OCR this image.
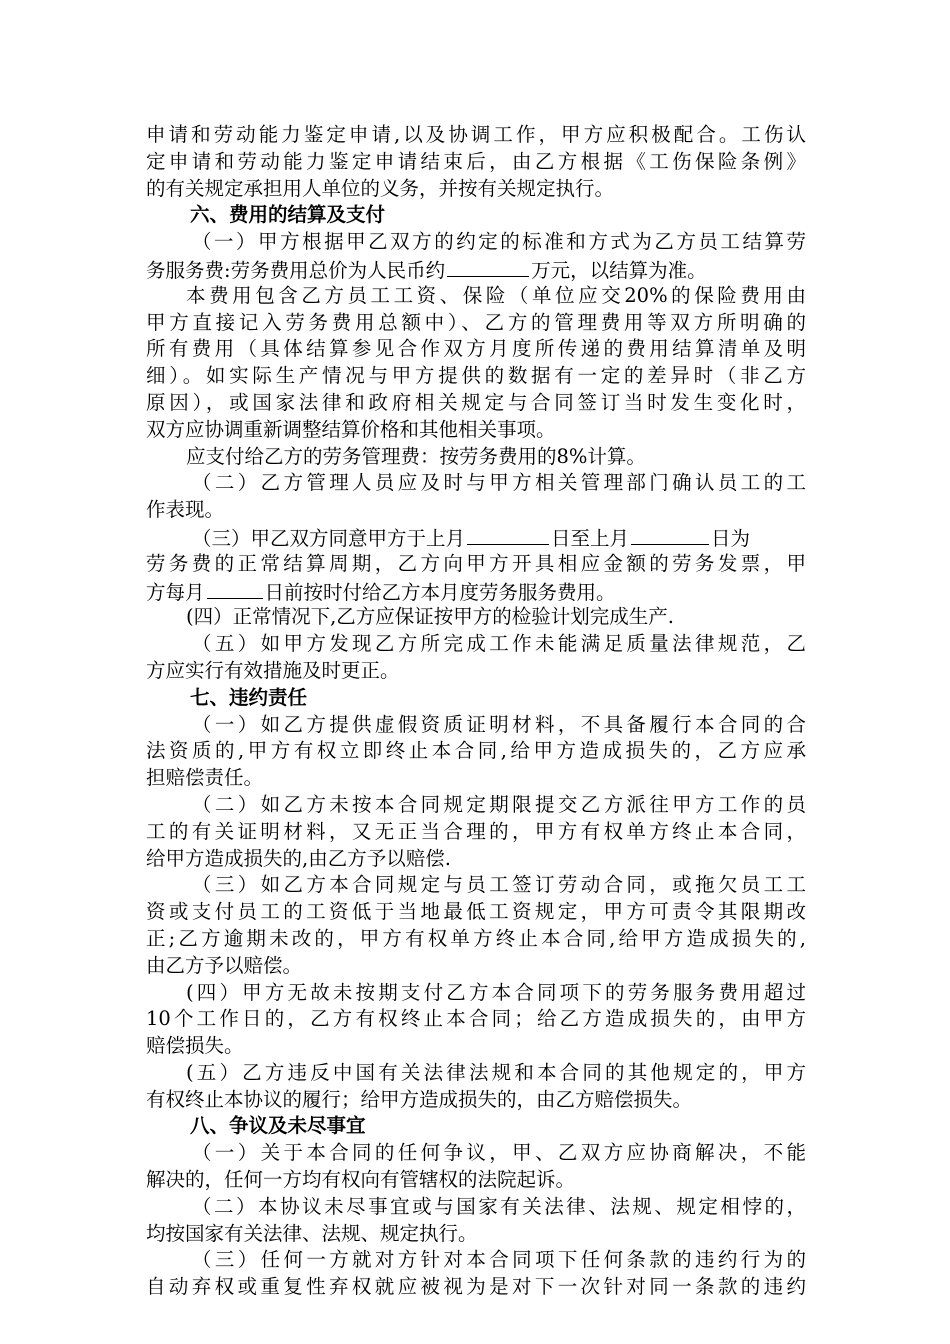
申请和劳动能力鉴定申请,以及协调工作，甲方应积极配合。工伤认
定申请和劳动能力鉴定申请结束后，由乙方根据《工伤保险条例》
的有关规定承担用人单位的义务，并按有关规定执行。
六、费用的结算及支付
（一）甲方根据甲乙双方的约定的标准和方式为乙方员工结算劳
务服务费:劳务费用总价为人民币约	万元，以结算为准。
本费用包含乙方员工工资、保险（单位应交20%的保险费用由
甲方直接记入劳务费用总额中）、乙方的管理费用等双方所明确的
所有费用（具体结算参见合作双方月度所传递的费用结算清单及明
细）。如实际生产情况与甲方提供的数据有一定的差异时（非乙方
原因），或国家法律和政府相关规定与合同签订当时发生变化时，
双方应协调重新调整结算价格和其他相关事项。
应支付给乙方的劳务管理费：按劳务费用的8%计算。
（二）乙方管理人员应及时与甲方相关管理部门确认员工的工
作表现。
（三）甲乙双方同意甲方于上月	日至上月	日为
劳务费的正常结算周期，乙方向甲方开具相应金额的劳务发票，甲
方每月	日前按时付给乙方本月度劳务服务费用。
(四）正常情况下,乙方应保证按甲方的检验计划完成生产.
（五）如甲方发现乙方所完成工作未能满足质量法律规范，乙
方应实行有效措施及时更正。
七、违约责任
（一）如乙方提供虚假资质证明材料，不具备履行本合同的合
法资质的,甲方有权立即终止本合同,给甲方造成损失的，乙方应承
担赔偿责任。
（二）如乙方未按本合同规定期限提交乙方派往甲方工作的员
工的有关证明材料，又无正当合理的，甲方有权单方终止本合同，
给甲方造成损失的,由乙方予以赔偿.
（三）如乙方本合同规定与员工签订劳动合同，或拖欠员工工
资或支付员工的工资低于当地最低工资规定，甲方可责令其限期改
正;乙方逾期未改的，甲方有权单方终止本合同,给甲方造成损失的,
由乙方予以赔偿。
(四）甲方无故未按期支付乙方本合同项下的劳务服务费用超过
10个工作日的，乙方有权终止本合同；给乙方造成损失的，由甲方
赔偿损失。
(五）乙方违反中国有关法律法规和本合同的其他规定的，甲方
有权终止本协议的履行；给甲方造成损失的，由乙方赔偿损失。
八、争议及未尽事宜
（一）关于本合同的任何争议，甲、乙双方应协商解决，不能
解决的，任何一方均有权向有管辖权的法院起诉。
（二）本协议未尽事宜或与国家有关法律、法规、规定相悖的，
均按国家有关法律、法规、规定执行。
（三）任何一方就对方针对本合同项下任何条款的违约行为的
自动弃权或重复性弃权就应被视为是对下一次针对同一条款的违约
